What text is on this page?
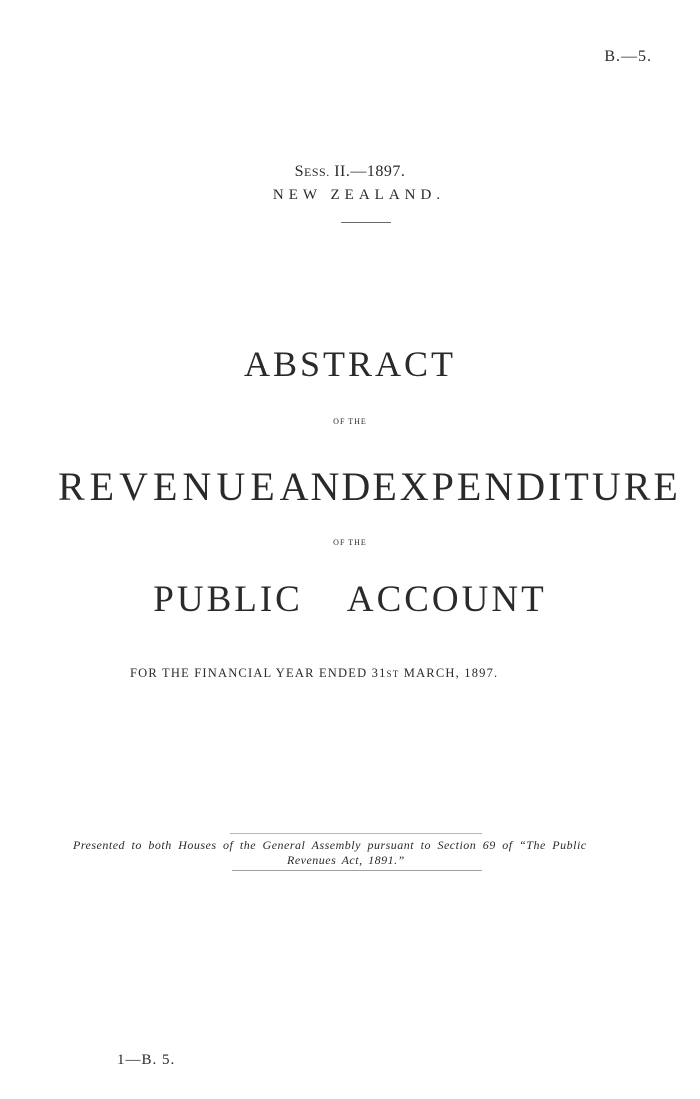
B.—5.
SESS. II.—1897.
NEW ZEALAND.
ABSTRACT
OF THE
REVENUE AND EXPENDITURE
OF THE
PUBLIC ACCOUNT
FOR THE FINANCIAL YEAR ENDED 31ST MARCH, 1897.
Presented to both Houses of the General Assembly pursuant to Section 69 of “The Public
Revenues Act, 1891.”
1—B. 5.
